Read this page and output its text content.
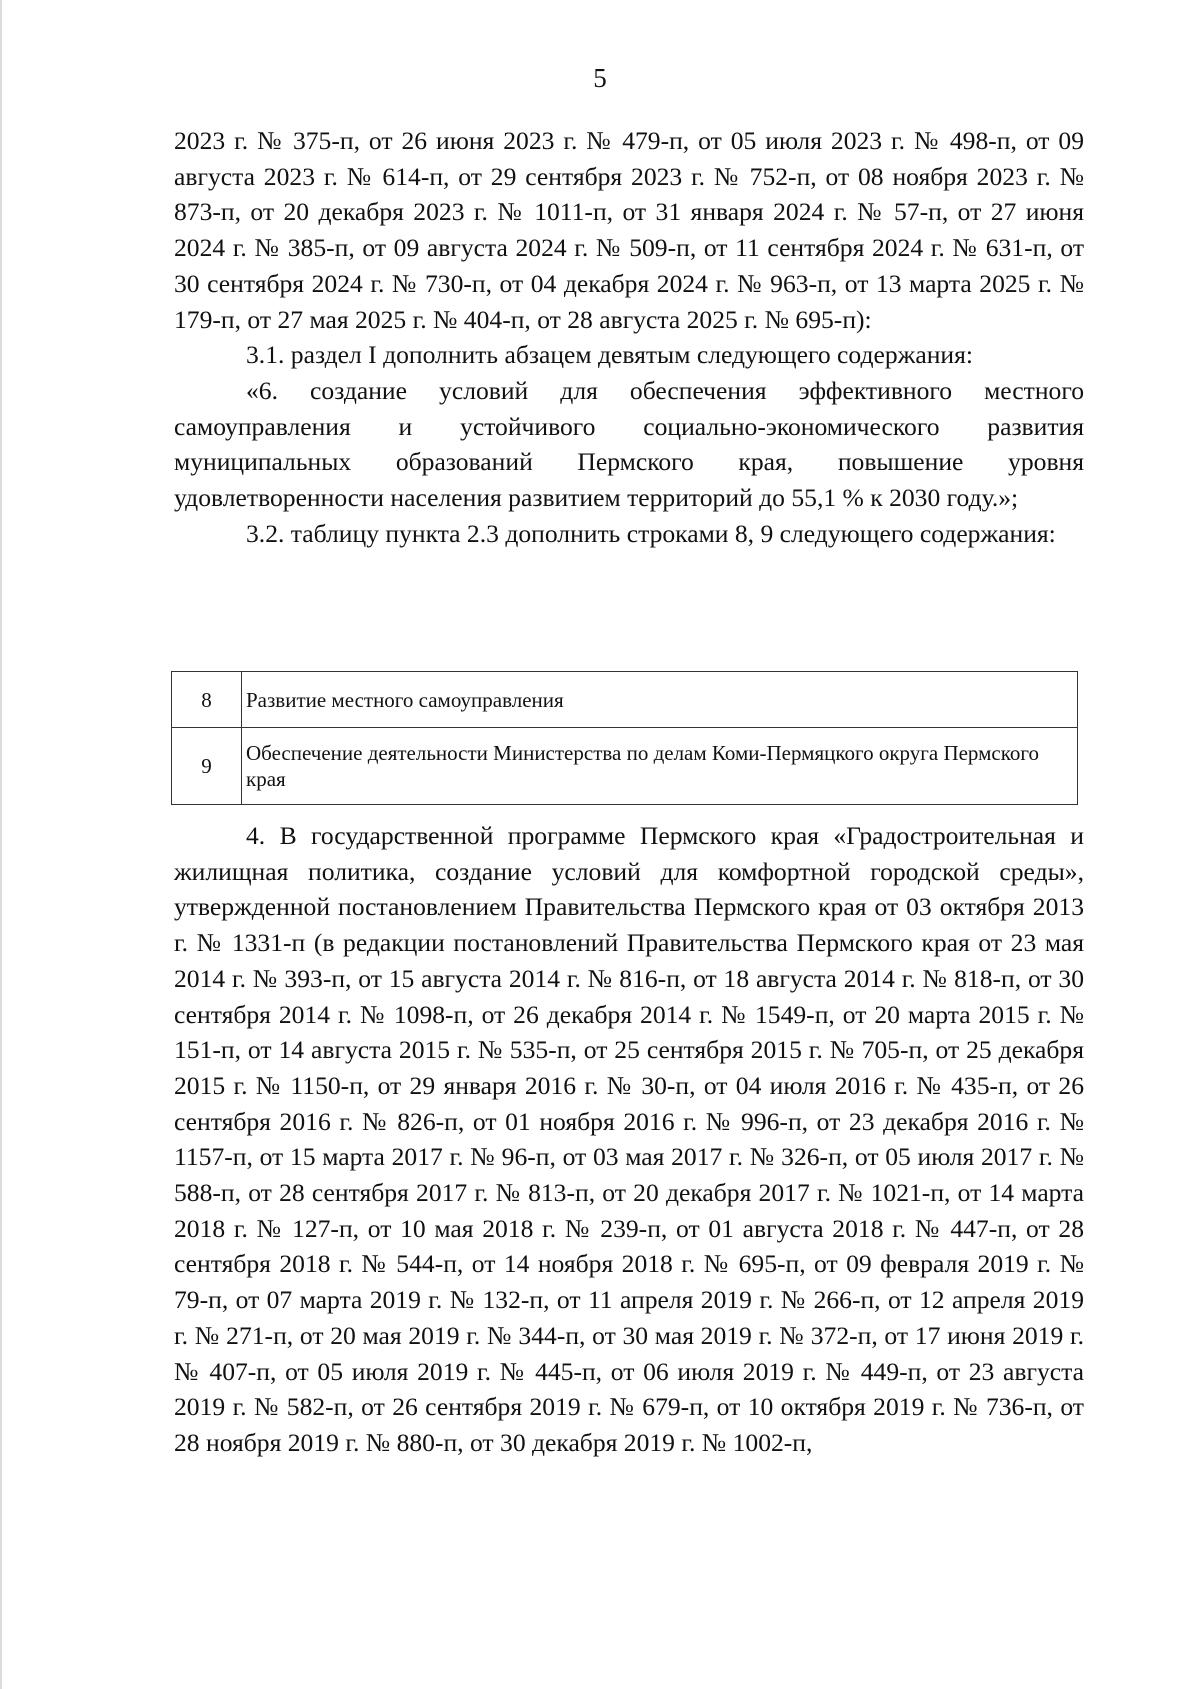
5

2023 г. № 375-п, от 26 июня 2023 г. № 479-п, от 05 июля 2023 г. № 498-п, от 09 августа 2023 г. № 614-п, от 29 сентября 2023 г. № 752-п, от 08 ноября 2023 г. № 873-п, от 20 декабря 2023 г. № 1011-п, от 31 января 2024 г. № 57-п, от 27 июня 2024 г. № 385-п, от 09 августа 2024 г. № 509-п, от 11 сентября 2024 г. № 631-п, от 30 сентября 2024 г. № 730-п, от 04 декабря 2024 г. № 963-п, от 13 марта 2025 г. № 179-п, от 27 мая 2025 г. № 404-п, от 28 августа 2025 г. № 695-п):

3.1. раздел I дополнить абзацем девятым следующего содержания:

«6. создание условий для обеспечения эффективного местного самоуправления и устойчивого социально-экономического развития муниципальных образований Пермского края, повышение уровня удовлетворенности населения развитием территорий до 55,1 % к 2030 году.»;

3.2. таблицу пункта 2.3 дополнить строками 8, 9 следующего содержания:

8	Развитие местного самоуправления
9	Обеспечение деятельности Министерства по делам Коми-Пермяцкого округа Пермского края

4. В государственной программе Пермского края «Градостроительная и жилищная политика, создание условий для комфортной городской среды», утвержденной постановлением Правительства Пермского края от 03 октября 2013 г. № 1331-п (в редакции постановлений Правительства Пермского края от 23 мая 2014 г. № 393-п, от 15 августа 2014 г. № 816-п, от 18 августа 2014 г. № 818-п, от 30 сентября 2014 г. № 1098-п, от 26 декабря 2014 г. № 1549-п, от 20 марта 2015 г. № 151-п, от 14 августа 2015 г. № 535-п, от 25 сентября 2015 г. № 705-п, от 25 декабря 2015 г. № 1150-п, от 29 января 2016 г. № 30-п, от 04 июля 2016 г. № 435-п, от 26 сентября 2016 г. № 826-п, от 01 ноября 2016 г. № 996-п, от 23 декабря 2016 г. № 1157-п, от 15 марта 2017 г. № 96-п, от 03 мая 2017 г. № 326-п, от 05 июля 2017 г. № 588-п, от 28 сентября 2017 г. № 813-п, от 20 декабря 2017 г. № 1021-п, от 14 марта 2018 г. № 127-п, от 10 мая 2018 г. № 239-п, от 01 августа 2018 г. № 447-п, от 28 сентября 2018 г. № 544-п, от 14 ноября 2018 г. № 695-п, от 09 февраля 2019 г. № 79-п, от 07 марта 2019 г. № 132-п, от 11 апреля 2019 г. № 266-п, от 12 апреля 2019 г. № 271-п, от 20 мая 2019 г. № 344-п, от 30 мая 2019 г. № 372-п, от 17 июня 2019 г. № 407-п, от 05 июля 2019 г. № 445-п, от 06 июля 2019 г. № 449-п, от 23 августа 2019 г. № 582-п, от 26 сентября 2019 г. № 679-п, от 10 октября 2019 г. № 736-п, от 28 ноября 2019 г. № 880-п, от 30 декабря 2019 г. № 1002-п,
